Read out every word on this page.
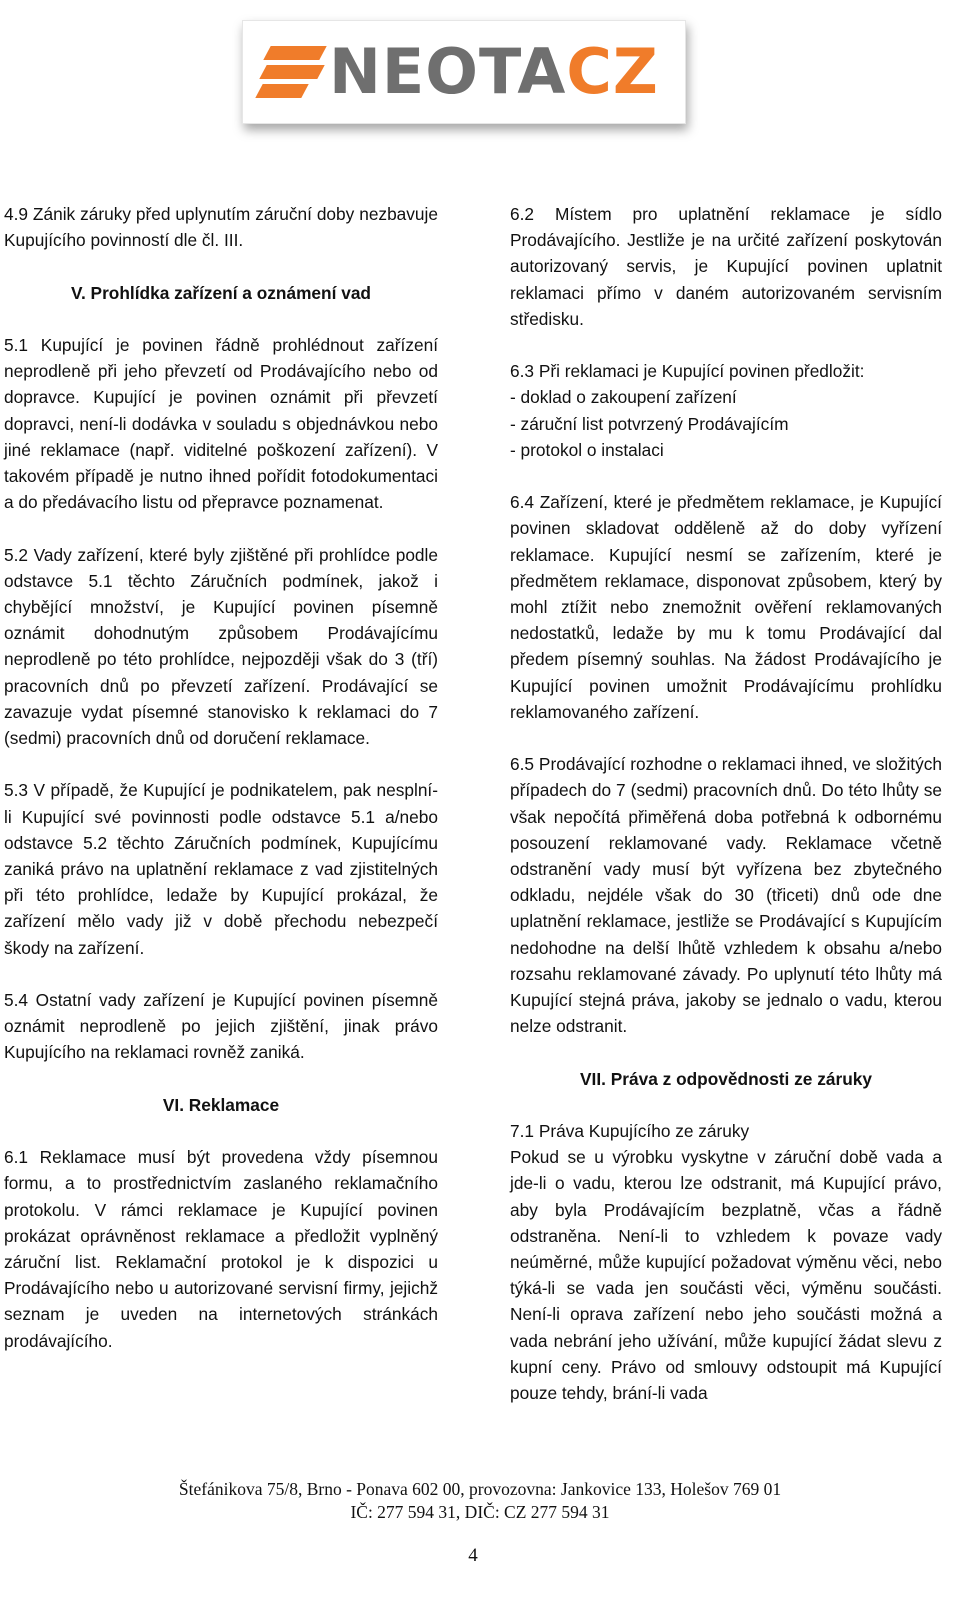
NEOTACZ

4.9 Zánik záruky před uplynutím záruční doby nezbavuje Kupujícího povinností dle čl. III.

V. Prohlídka zařízení a oznámení vad

5.1 Kupující je povinen řádně prohlédnout zařízení neprodleně při jeho převzetí od Prodávajícího nebo od dopravce. Kupující je povinen oznámit při převzetí dopravci, není-li dodávka v souladu s objednávkou nebo jiné reklamace (např. viditelné poškození zařízení). V takovém případě je nutno ihned pořídit fotodokumentaci a do předávacího listu od přepravce poznamenat.

5.2 Vady zařízení, které byly zjištěné při prohlídce podle odstavce 5.1 těchto Záručních podmínek, jakož i chybějící množství, je Kupující povinen písemně oznámit dohodnutým způsobem Prodávajícímu neprodleně po této prohlídce, nejpozději však do 3 (tří) pracovních dnů po převzetí zařízení. Prodávající se zavazuje vydat písemné stanovisko k reklamaci do 7 (sedmi) pracovních dnů od doručení reklamace.

5.3 V případě, že Kupující je podnikatelem, pak nesplní-li Kupující své povinnosti podle odstavce 5.1 a/nebo odstavce 5.2 těchto Záručních podmínek, Kupujícímu zaniká právo na uplatnění reklamace z vad zjistitelných při této prohlídce, ledaže by Kupující prokázal, že zařízení mělo vady již v době přechodu nebezpečí škody na zařízení.

5.4 Ostatní vady zařízení je Kupující povinen písemně oznámit neprodleně po jejich zjištění, jinak právo Kupujícího na reklamaci rovněž zaniká.

VI. Reklamace

6.1 Reklamace musí být provedena vždy písemnou formu, a to prostřednictvím zaslaného reklamačního protokolu. V rámci reklamace je Kupující povinen prokázat oprávněnost reklamace a předložit vyplněný záruční list. Reklamační protokol je k dispozici u Prodávajícího nebo u autorizované servisní firmy, jejichž seznam je uveden na internetových stránkách prodávajícího.

6.2 Místem pro uplatnění reklamace je sídlo Prodávajícího. Jestliže je na určité zařízení poskytován autorizovaný servis, je Kupující povinen uplatnit reklamaci přímo v daném autorizovaném servisním středisku.

6.3 Při reklamaci je Kupující povinen předložit:
- doklad o zakoupení zařízení
- záruční list potvrzený Prodávajícím
- protokol o instalaci

6.4 Zařízení, které je předmětem reklamace, je Kupující povinen skladovat odděleně až do doby vyřízení reklamace. Kupující nesmí se zařízením, které je předmětem reklamace, disponovat způsobem, který by mohl ztížit nebo znemožnit ověření reklamovaných nedostatků, ledaže by mu k tomu Prodávající dal předem písemný souhlas. Na žádost Prodávajícího je Kupující povinen umožnit Prodávajícímu prohlídku reklamovaného zařízení.

6.5 Prodávající rozhodne o reklamaci ihned, ve složitých případech do 7 (sedmi) pracovních dnů. Do této lhůty se však nepočítá přiměřená doba potřebná k odbornému posouzení reklamované vady. Reklamace včetně odstranění vady musí být vyřízena bez zbytečného odkladu, nejdéle však do 30 (třiceti) dnů ode dne uplatnění reklamace, jestliže se Prodávající s Kupujícím nedohodne na delší lhůtě vzhledem k obsahu a/nebo rozsahu reklamované závady. Po uplynutí této lhůty má Kupující stejná práva, jakoby se jednalo o vadu, kterou nelze odstranit.

VII. Práva z odpovědnosti ze záruky

7.1 Práva Kupujícího ze záruky
Pokud se u výrobku vyskytne v záruční době vada a jde-li o vadu, kterou lze odstranit, má Kupující právo, aby byla Prodávajícím bezplatně, včas a řádně odstraněna. Není-li to vzhledem k povaze vady neúměrné, může kupující požadovat výměnu věci, nebo týká-li se vada jen součásti věci, výměnu součásti. Není-li oprava zařízení nebo jeho součásti možná a vada nebrání jeho užívání, může kupující žádat slevu z kupní ceny. Právo od smlouvy odstoupit má Kupující pouze tehdy, brání-li vada

Štefánikova 75/8, Brno - Ponava 602 00, provozovna: Jankovice 133, Holešov 769 01
IČ: 277 594 31, DIČ: CZ 277 594 31
4
